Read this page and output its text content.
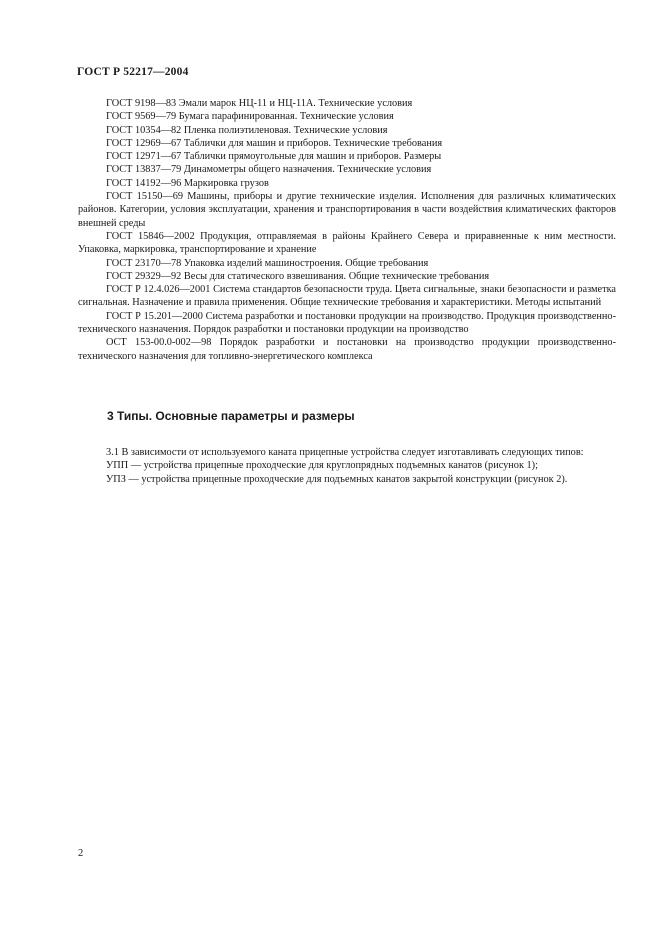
ГОСТ Р 52217—2004

ГОСТ 9198—83 Эмали марок НЦ-11 и НЦ-11А. Технические условия

ГОСТ 9569—79 Бумага парафинированная. Технические условия

ГОСТ 10354—82 Пленка полиэтиленовая. Технические условия

ГОСТ 12969—67 Таблички для машин и приборов. Технические требования

ГОСТ 12971—67 Таблички прямоугольные для машин и приборов. Размеры

ГОСТ 13837—79 Динамометры общего назначения. Технические условия

ГОСТ 14192—96 Маркировка грузов

ГОСТ 15150—69 Машины, приборы и другие технические изделия. Исполнения для различных климатических районов. Категории, условия эксплуатации, хранения и транспортирования в части воздействия климатических факторов внешней среды

ГОСТ 15846—2002 Продукция, отправляемая в районы Крайнего Севера и приравненные к ним местности. Упаковка, маркировка, транспортирование и хранение

ГОСТ 23170—78 Упаковка изделий машиностроения. Общие требования

ГОСТ 29329—92 Весы для статического взвешивания. Общие технические требования

ГОСТ Р 12.4.026—2001 Система стандартов безопасности труда. Цвета сигнальные, знаки безопасности и разметка сигнальная. Назначение и правила применения. Общие технические требования и характеристики. Методы испытаний

ГОСТ Р 15.201—2000 Система разработки и постановки продукции на производство. Продукция производственно-технического назначения. Порядок разработки и постановки продукции на производство

ОСТ 153-00.0-002—98 Порядок разработки и постановки на производство продукции производственно-технического назначения для топливно-энергетического комплекса

3 Типы. Основные параметры и размеры

3.1 В зависимости от используемого каната прицепные устройства следует изготавливать следующих типов:

УПП — устройства прицепные проходческие для круглопрядных подъемных канатов (рисунок 1);

УПЗ — устройства прицепные проходческие для подъемных канатов закрытой конструкции (рисунок 2).

2
